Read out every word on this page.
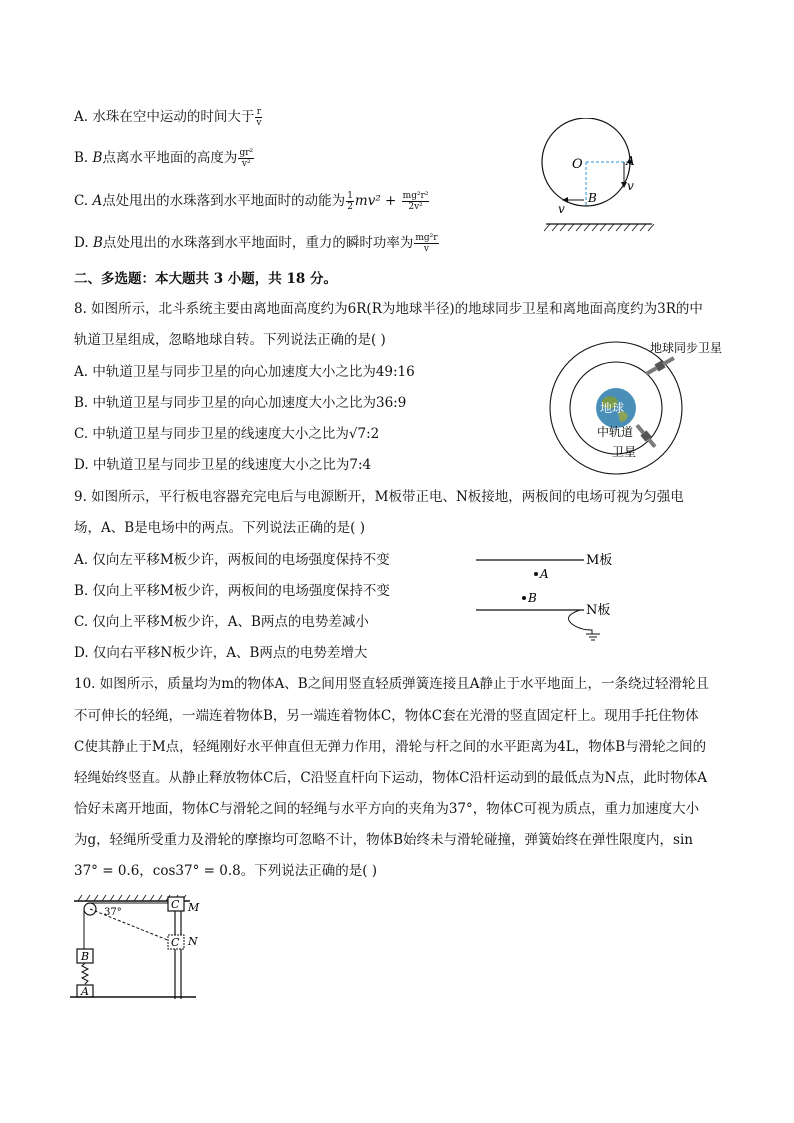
A. 水珠在空中运动的时间大于 $\frac{r}{v}$
B. B点离水平地面的高度为 $\frac{\text{gr²}}{\text{v²}}$
C. A点处甩出的水珠落到水平地面时的动能为 $\frac{1}{2} mv^2 + \frac{\text{mg²r²}}{\text{2v²}}$
D. B点处甩出的水珠落到水平地面时，重力的瞬时功率为 $\frac{\text{mg²r}}{v}$
O	A
B
v
v
二、多选题：本大题共 3 小题，共 18 分。
8. 如图所示，北斗系统主要由离地面高度约为6R(R为地球半径)的地球同步卫星和离地面高度约为3R的中
轨道卫星组成，忽略地球自转。下列说法正确的是( )
A. 中轨道卫星与同步卫星的向心加速度大小之比为49:16
B. 中轨道卫星与同步卫星的向心加速度大小之比为36:9
C. 中轨道卫星与同步卫星的线速度大小之比为√7:2
D. 中轨道卫星与同步卫星的线速度大小之比为7:4
地球同步卫星
地球
中轨道
卫星
9. 如图所示，平行板电容器充完电后与电源断开，M板带正电、N板接地，两板间的电场可视为匀强电
场，A、B是电场中的两点。下列说法正确的是( )
A. 仅向左平移M板少许，两板间的电场强度保持不变
B. 仅向上平移M板少许，两板间的电场强度保持不变
C. 仅向上平移M板少许，A、B两点的电势差减小
D. 仅向右平移N板少许，A、B两点的电势差增大
M板
N板
A
B
10. 如图所示，质量均为m的物体A、B之间用竖直轻质弹簧连接且A静止于水平地面上，一条绕过轻滑轮且
不可伸长的轻绳，一端连着物体B，另一端连着物体C，物体C套在光滑的竖直固定杆上。现用手托住物体
C使其静止于M点，轻绳刚好水平伸直但无弹力作用，滑轮与杆之间的水平距离为4L，物体B与滑轮之间的
轻绳始终竖直。从静止释放物体C后，C沿竖直杆向下运动，物体C沿杆运动到的最低点为N点，此时物体A
恰好未离开地面，物体C与滑轮之间的轻绳与水平方向的夹角为37°，物体C可视为质点，重力加速度大小
为g，轻绳所受重力及滑轮的摩擦均可忽略不计，物体B始终未与滑轮碰撞，弹簧始终在弹性限度内，sin
37° = 0.6，cos37° = 0.8。下列说法正确的是( )
37°
C
C
M
N
B
A
